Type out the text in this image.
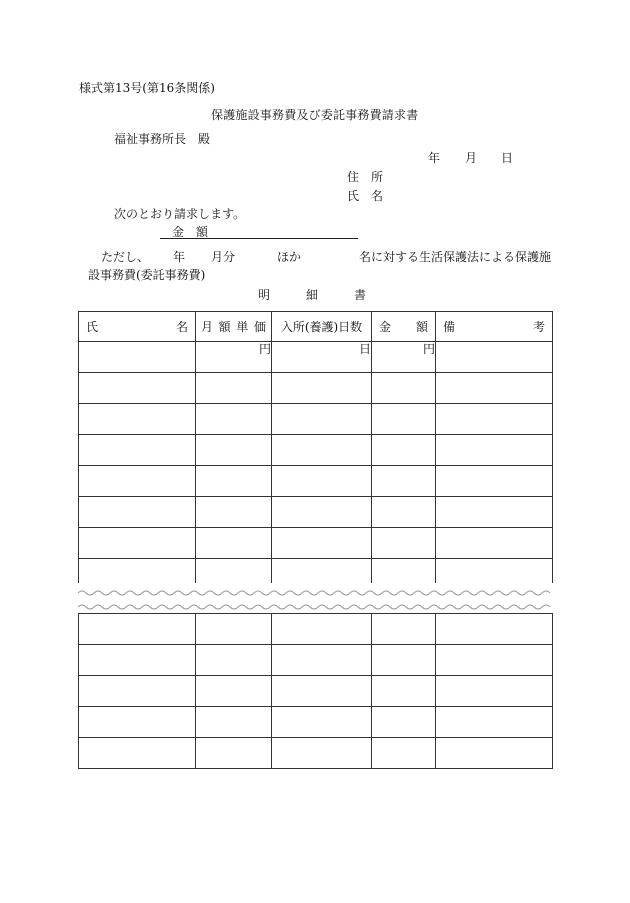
様式第13号(第16条関係)
保護施設事務費及び委託事務費請求書
福祉事務所長　殿
年 月 日
住 所
氏 名
次のとおり請求します。
金 額
ただし、 年 月分	ほか	名に対する生活保護法による保護施
設事務費(委託事務費)
明	細	書
氏 名	月 額 単 価	入所(養護)日数	金 額	備 考

	円	日	円	
